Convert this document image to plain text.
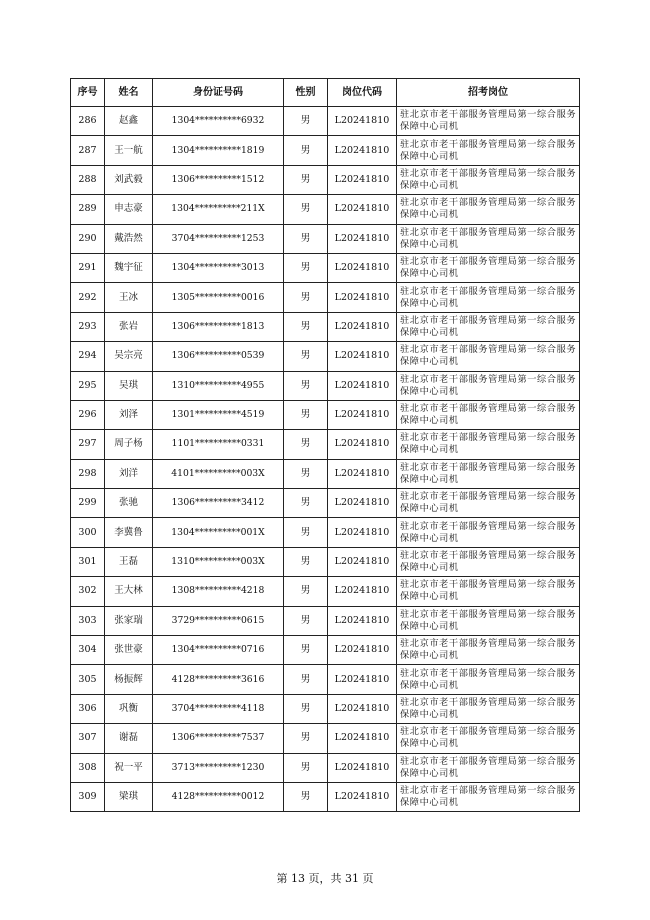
序号	姓名	身份证号码	性别	岗位代码	招考岗位
286	赵鑫	1304**********6932	男	L20241810	驻北京市老干部服务管理局第一综合服务保障中心司机
287	王一航	1304**********1819	男	L20241810	驻北京市老干部服务管理局第一综合服务保障中心司机
288	刘武毅	1306**********1512	男	L20241810	驻北京市老干部服务管理局第一综合服务保障中心司机
289	申志豪	1304**********211X	男	L20241810	驻北京市老干部服务管理局第一综合服务保障中心司机
290	戴浩然	3704**********1253	男	L20241810	驻北京市老干部服务管理局第一综合服务保障中心司机
291	魏宇征	1304**********3013	男	L20241810	驻北京市老干部服务管理局第一综合服务保障中心司机
292	王冰	1305**********0016	男	L20241810	驻北京市老干部服务管理局第一综合服务保障中心司机
293	张岩	1306**********1813	男	L20241810	驻北京市老干部服务管理局第一综合服务保障中心司机
294	吴宗亮	1306**********0539	男	L20241810	驻北京市老干部服务管理局第一综合服务保障中心司机
295	吴琪	1310**********4955	男	L20241810	驻北京市老干部服务管理局第一综合服务保障中心司机
296	刘泽	1301**********4519	男	L20241810	驻北京市老干部服务管理局第一综合服务保障中心司机
297	周子杨	1101**********0331	男	L20241810	驻北京市老干部服务管理局第一综合服务保障中心司机
298	刘洋	4101**********003X	男	L20241810	驻北京市老干部服务管理局第一综合服务保障中心司机
299	张驰	1306**********3412	男	L20241810	驻北京市老干部服务管理局第一综合服务保障中心司机
300	李冀鲁	1304**********001X	男	L20241810	驻北京市老干部服务管理局第一综合服务保障中心司机
301	王磊	1310**********003X	男	L20241810	驻北京市老干部服务管理局第一综合服务保障中心司机
302	王大林	1308**********4218	男	L20241810	驻北京市老干部服务管理局第一综合服务保障中心司机
303	张家瑞	3729**********0615	男	L20241810	驻北京市老干部服务管理局第一综合服务保障中心司机
304	张世豪	1304**********0716	男	L20241810	驻北京市老干部服务管理局第一综合服务保障中心司机
305	杨振辉	4128**********3616	男	L20241810	驻北京市老干部服务管理局第一综合服务保障中心司机
306	巩衡	3704**********4118	男	L20241810	驻北京市老干部服务管理局第一综合服务保障中心司机
307	谢磊	1306**********7537	男	L20241810	驻北京市老干部服务管理局第一综合服务保障中心司机
308	祝一平	3713**********1230	男	L20241810	驻北京市老干部服务管理局第一综合服务保障中心司机
309	梁琪	4128**********0012	男	L20241810	驻北京市老干部服务管理局第一综合服务保障中心司机
第 13 页，共 31 页
